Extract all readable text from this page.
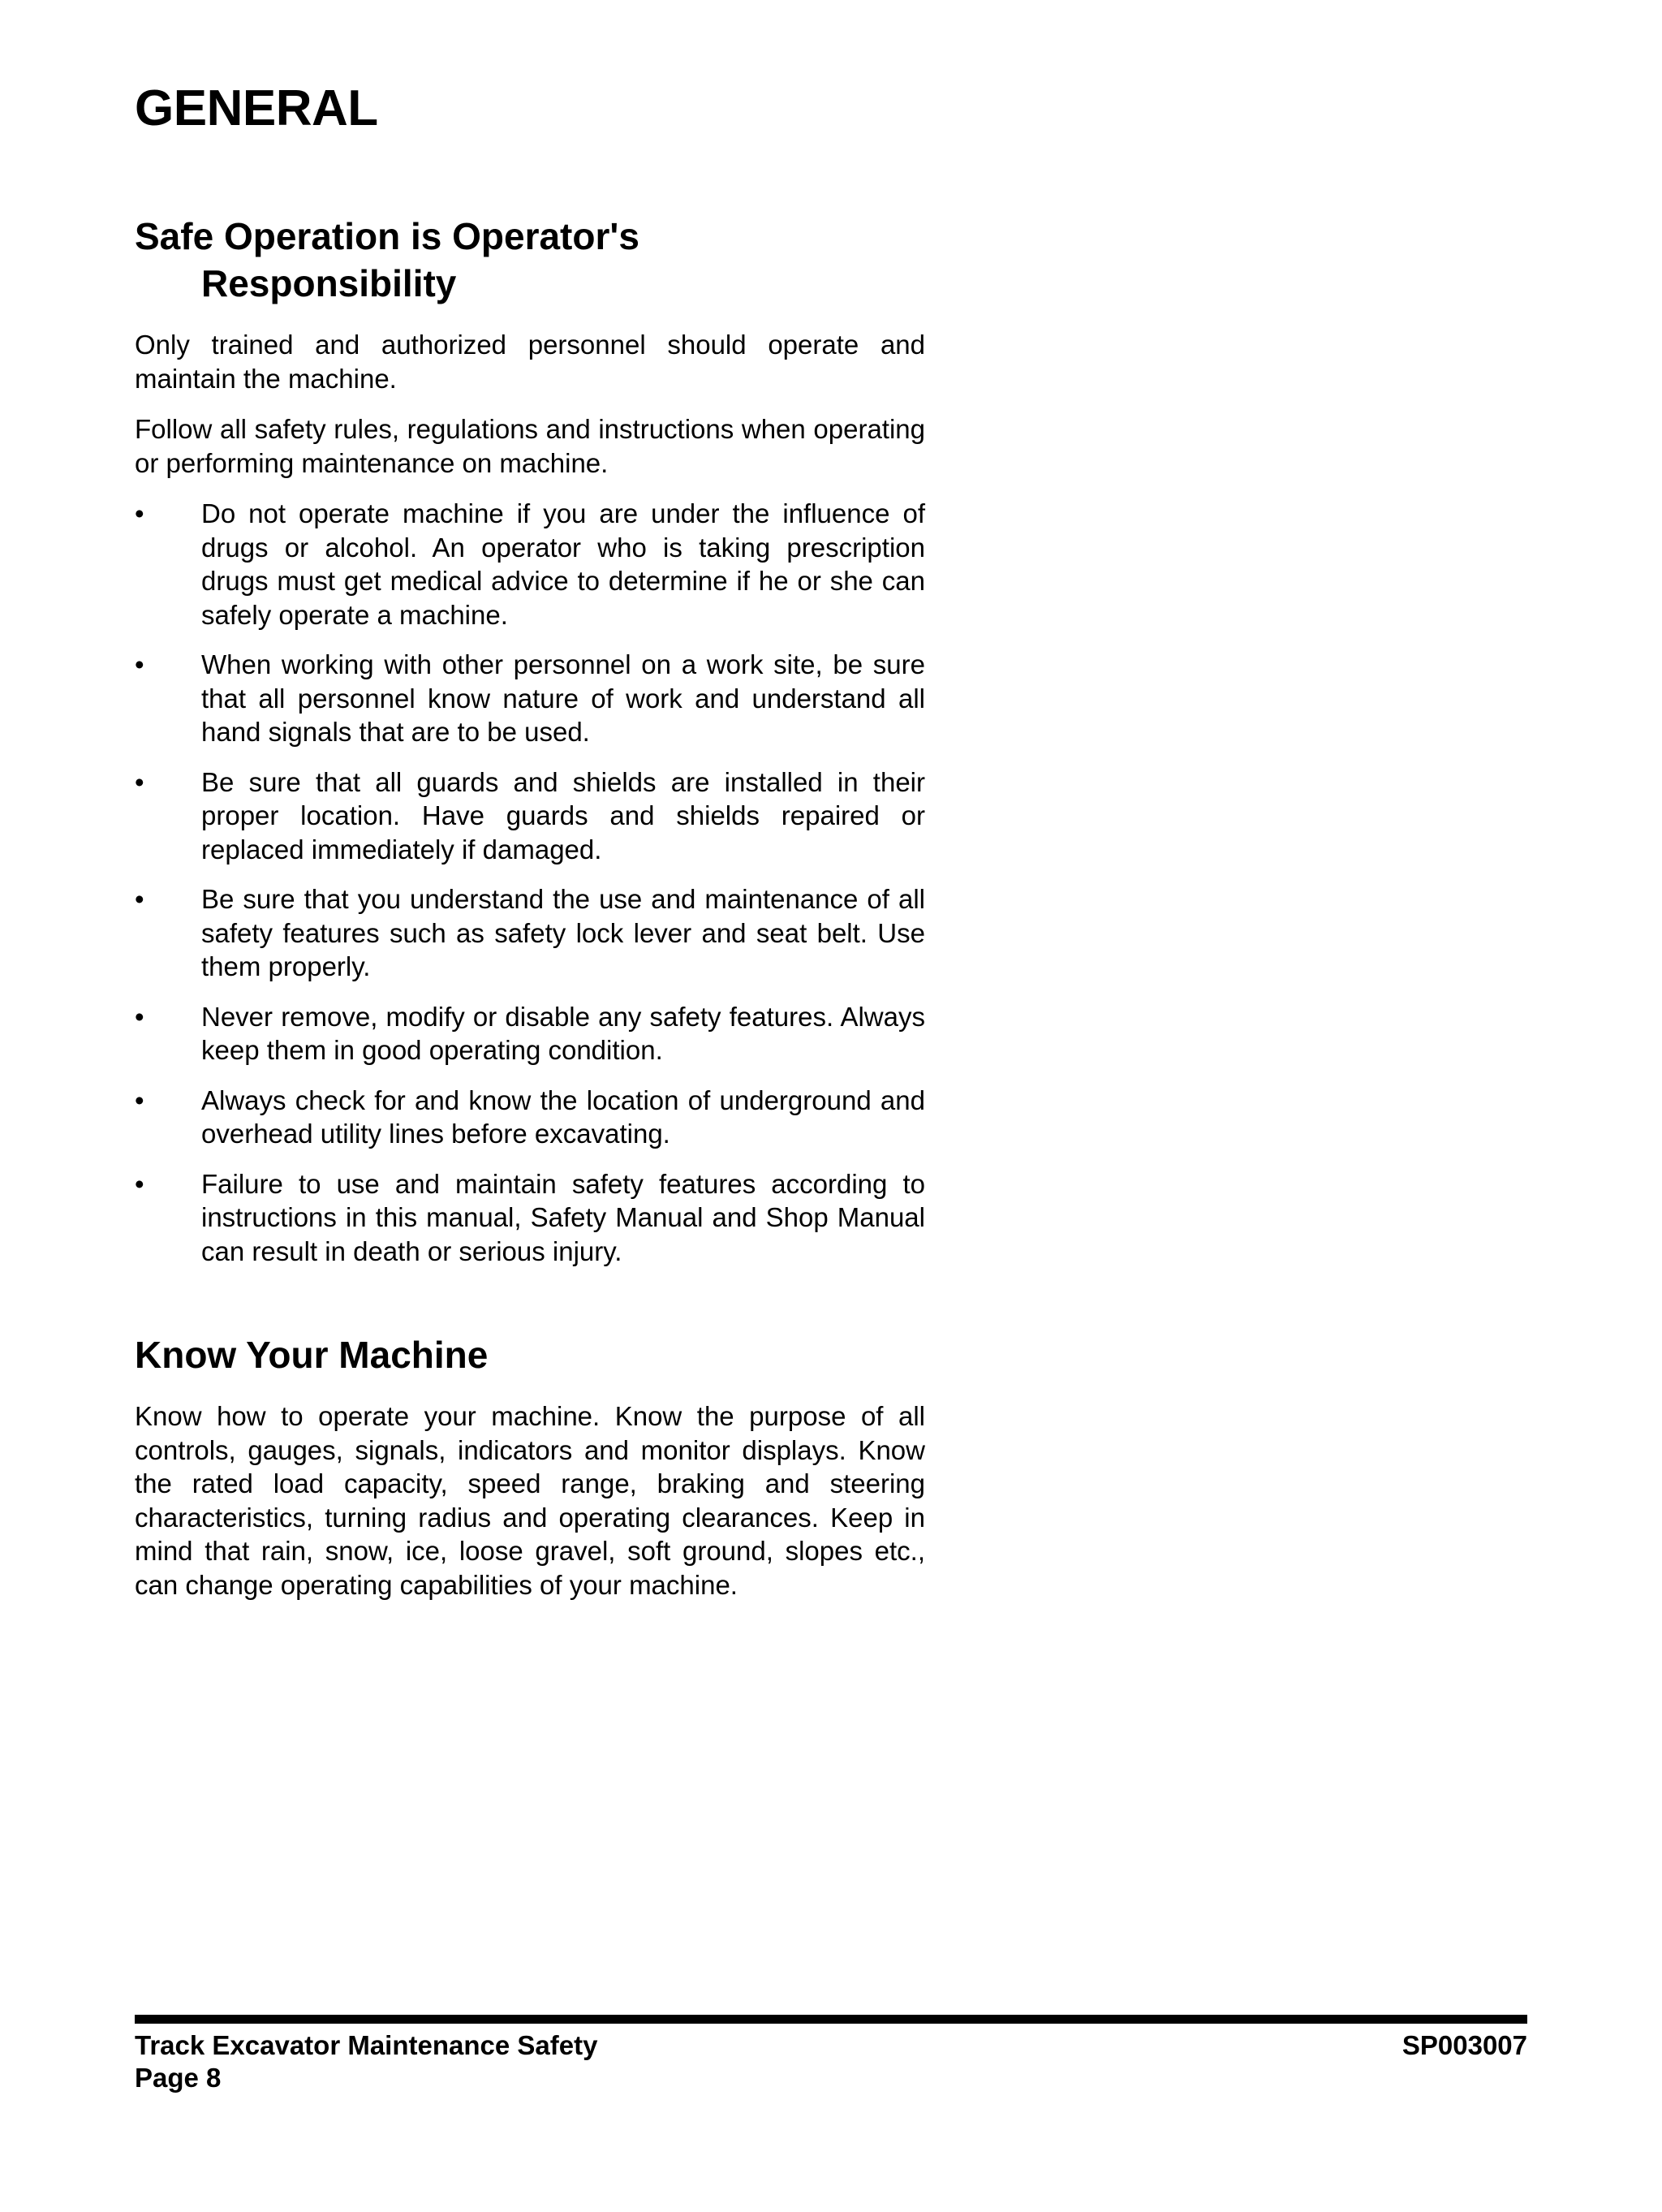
GENERAL
Safe Operation is Operator's
Responsibility

Only trained and authorized personnel should operate and maintain the machine.

Follow all safety rules, regulations and instructions when operating or performing maintenance on machine.

• Do not operate machine if you are under the influence of drugs or alcohol. An operator who is taking prescription drugs must get medical advice to determine if he or she can safely operate a machine.
• When working with other personnel on a work site, be sure that all personnel know nature of work and understand all hand signals that are to be used.
• Be sure that all guards and shields are installed in their proper location. Have guards and shields repaired or replaced immediately if damaged.
• Be sure that you understand the use and maintenance of all safety features such as safety lock lever and seat belt. Use them properly.
• Never remove, modify or disable any safety features. Always keep them in good operating condition.
• Always check for and know the location of underground and overhead utility lines before excavating.
• Failure to use and maintain safety features according to instructions in this manual, Safety Manual and Shop Manual can result in death or serious injury.
Know Your Machine

Know how to operate your machine. Know the purpose of all controls, gauges, signals, indicators and monitor displays. Know the rated load capacity, speed range, braking and steering characteristics, turning radius and operating clearances. Keep in mind that rain, snow, ice, loose gravel, soft ground, slopes etc., can change operating capabilities of your machine.

Track Excavator Maintenance Safety
Page 8
SP003007
